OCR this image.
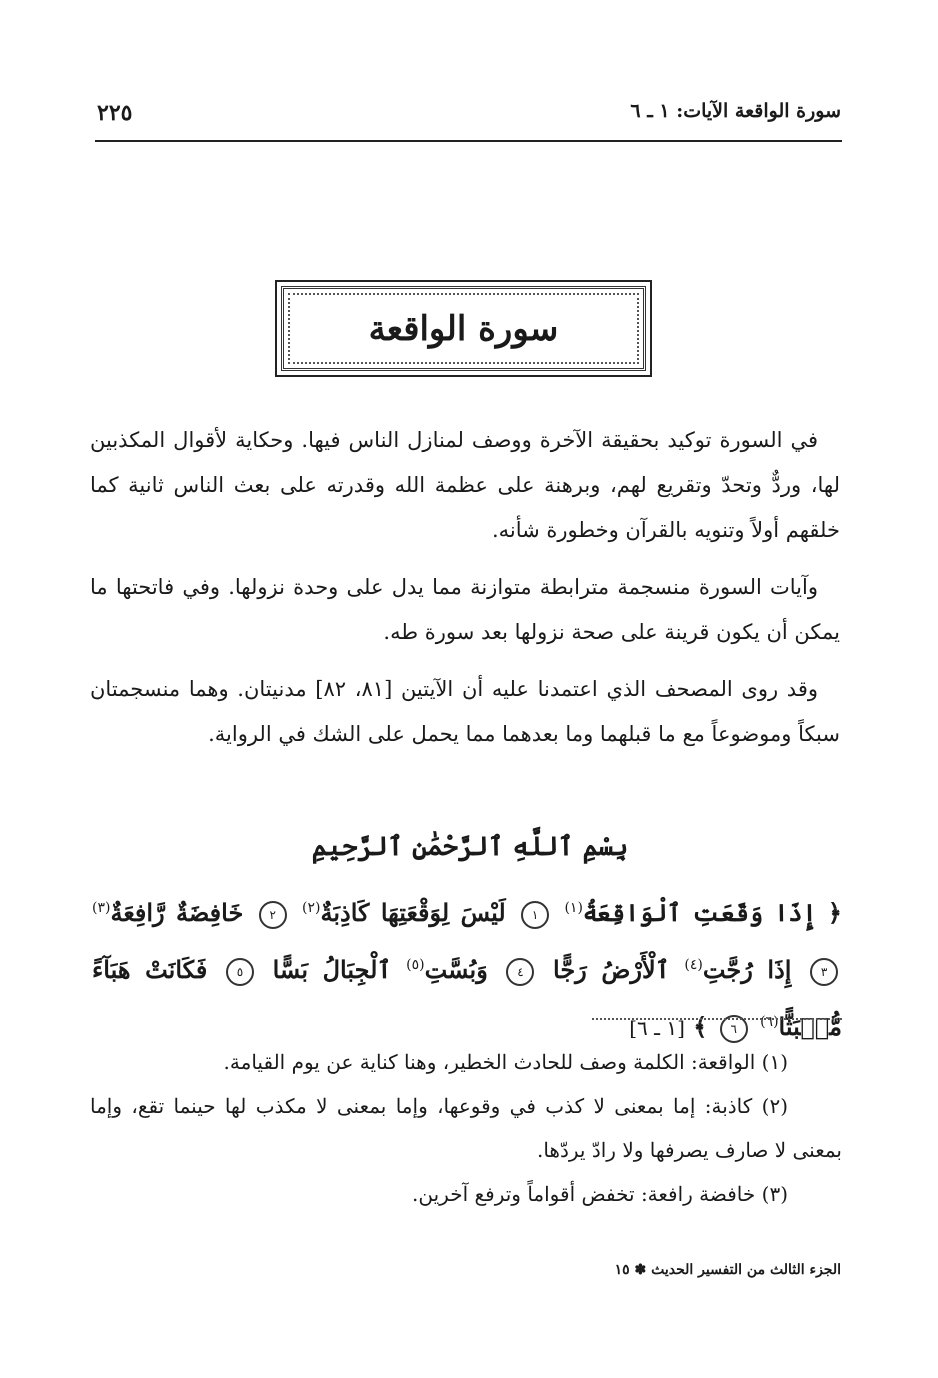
٢٢٥	سورة الواقعة الآيات: ١ ـ ٦
سورة الواقعة

في السورة توكيد بحقيقة الآخرة ووصف لمنازل الناس فيها. وحكاية لأقوال المكذبين لها، وردٌّ وتحدّ وتقريع لهم، وبرهنة على عظمة الله وقدرته على بعث الناس ثانية كما خلقهم أولاً وتنويه بالقرآن وخطورة شأنه.

وآيات السورة منسجمة مترابطة متوازنة مما يدل على وحدة نزولها. وفي فاتحتها ما يمكن أن يكون قرينة على صحة نزولها بعد سورة طه.

وقد روى المصحف الذي اعتمدنا عليه أن الآيتين [٨١، ٨٢] مدنيتان. وهما منسجمتان سبكاً وموضوعاً مع ما قبلهما وما بعدهما مما يحمل على الشك في الرواية.

بِسْمِ ٱللَّهِ ٱلرَّحْمَٰنِ ٱلرَّحِيمِ
﴿ إِذَا وَقَعَتِ ٱلْوَاقِعَةُ$^{(١)}$ ١ لَيْسَ لِوَقْعَتِهَا كَاذِبَةٌ$^{(٢)}$ ٢ خَافِضَةٌ رَّافِعَةٌ$^{(٣)}$ ٣ إِذَا رُجَّتِ$^{(٤)}$ ٱلْأَرْضُ رَجًّا ٤ وَبُسَّتِ$^{(٥)}$ ٱلْجِبَالُ بَسًّا ٥ فَكَانَتْ هَبَآءً مُّنۢبَثًّا$^{(٦)}$ ٦ ﴾ [١ ـ ٦]

(١) الواقعة: الكلمة وصف للحادث الخطير، وهنا كناية عن يوم القيامة.

(٢) كاذبة: إما بمعنى لا كذب في وقوعها، وإما بمعنى لا مكذب لها حينما تقع، وإما بمعنى لا صارف يصرفها ولا رادّ يردّها.

(٣) خافضة رافعة: تخفض أقواماً وترفع آخرين.

الجزء الثالث من التفسير الحديث ✽ ١٥
